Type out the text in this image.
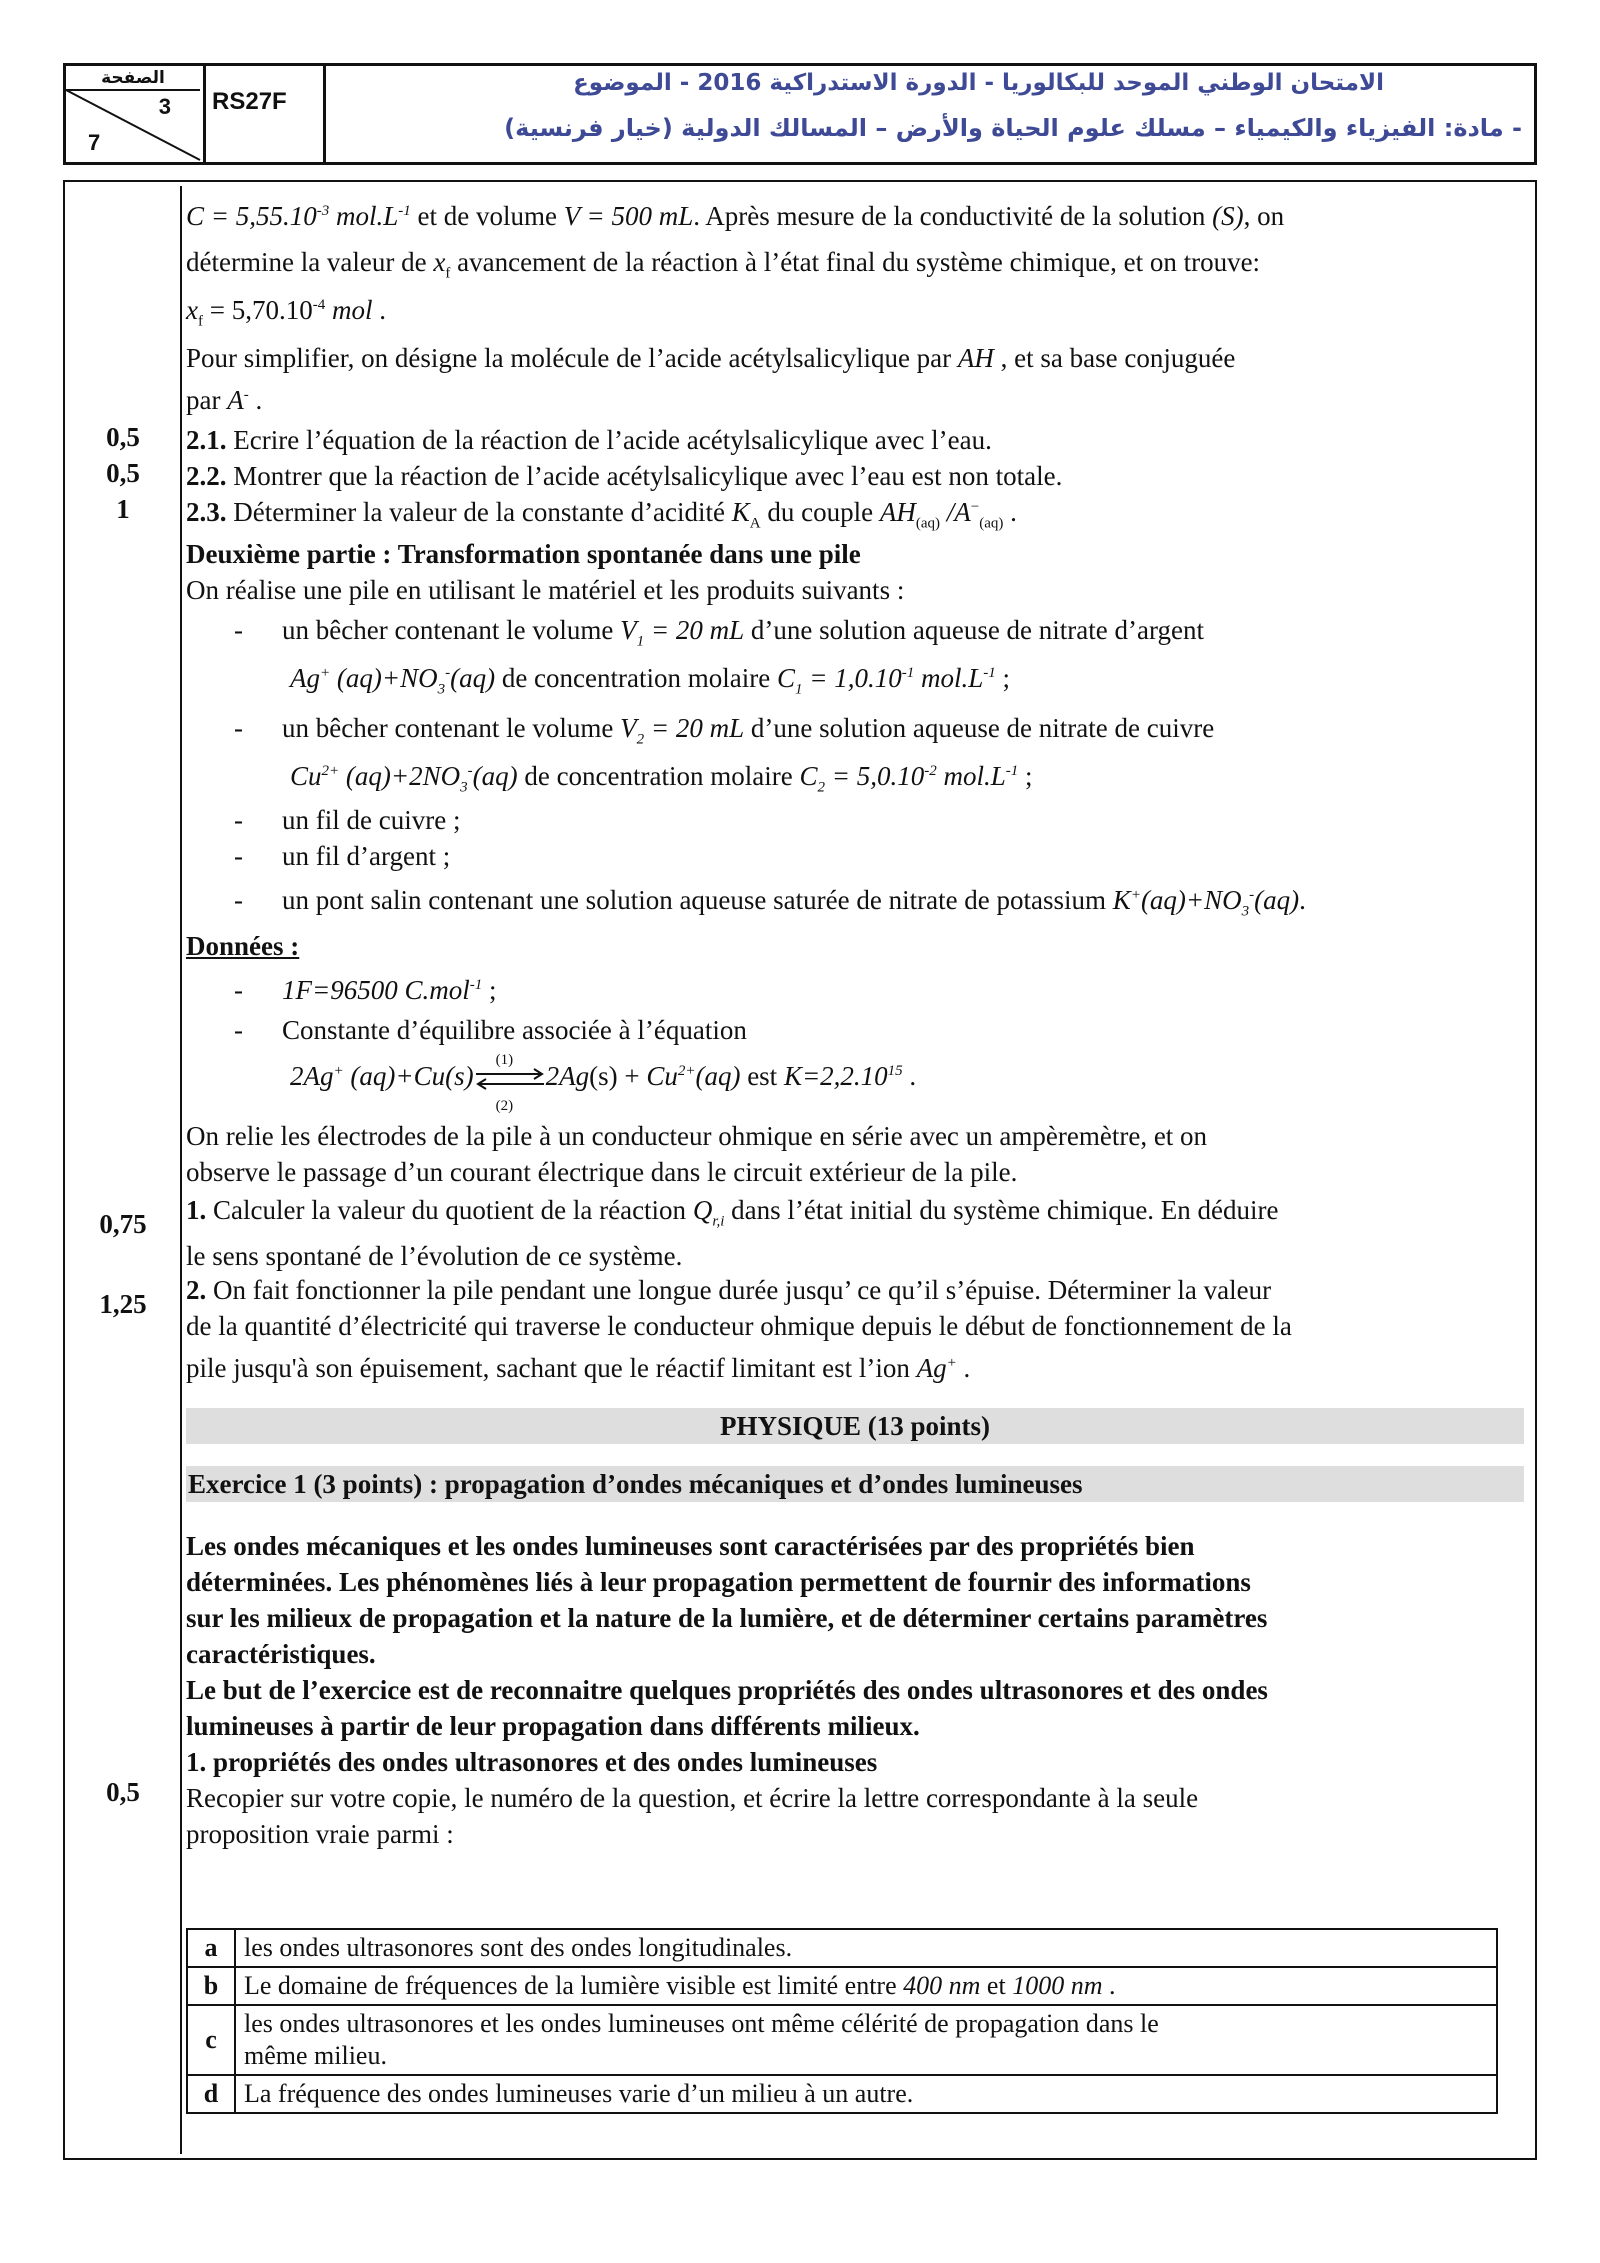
الصفحة
3
7
RS27F
الامتحان الوطني الموحد للبكالوريا - الدورة الاستدراكية 2016 - الموضوع
- مادة: الفيزياء والكيمياء – مسلك علوم الحياة والأرض – المسالك الدولية (خيار فرنسية)
0,5
0,5
1
0,75
1,25
0,5
$C = 5,55.10^{-3}$ $mol.L^{-1}$ et de volume V = 500 mL. Après mesure de la conductivité de la solution (S), on
détermine la valeur de $x_f$ avancement de la réaction à l’état final du système chimique, et on trouve:
$x_f = 5,70.10^{-4}$ mol .
Pour simplifier, on désigne la molécule de l’acide acétylsalicylique par AH , et sa base conjuguée
par A- .
2.1. Ecrire l’équation de la réaction de l’acide acétylsalicylique avec l’eau.
2.2. Montrer que la réaction de l’acide acétylsalicylique avec l’eau est non totale.
2.3. Déterminer la valeur de la constante d’acidité $K_A$ du couple $AH_{(aq)}$ $/A^-_{(aq)}$ .
Deuxième partie : Transformation spontanée dans une pile
On réalise une pile en utilisant le matériel et les produits suivants :
- un bêcher contenant le volume $V_1 = 20$ mL d’une solution aqueuse de nitrate d’argent
Ag+ $(aq)+NO_3^-(aq)$ de concentration molaire $C_1 = 1,0.10^{-1}$ $mol.L^{-1}$ ;
- un bêcher contenant le volume $V_2 = 20$ mL d’une solution aqueuse de nitrate de cuivre
$Cu^{2+}$ $(aq)+2NO_3^-(aq)$ de concentration molaire $C_2 = 5,0.10^{-2}$ $mol.L^{-1}$ ;
- un fil de cuivre ;
- un fil d’argent ;
- un pont salin contenant une solution aqueuse saturée de nitrate de potassium $K^+(aq)+NO_3^-(aq)$.
Données :
- 1F=96500 C.mol$^{-1}$ ;
- Constante d’équilibre associée à l’équation
2Ag+ (aq)+Cu(s)
(1)
(2)
$2Ag(s) + Cu^{2+}(aq)$ est $K=2,2.10^{15}$ .
On relie les électrodes de la pile à un conducteur ohmique en série avec un ampèremètre, et on
observe le passage d’un courant électrique dans le circuit extérieur de la pile.
1. Calculer la valeur du quotient de la réaction $Q_{r,i}$ dans l’état initial du système chimique. En déduire
le sens spontané de l’évolution de ce système.
2. On fait fonctionner la pile pendant une longue durée jusqu’ ce qu’il s’épuise. Déterminer la valeur
de la quantité d’électricité qui traverse le conducteur ohmique depuis le début de fonctionnement de la
pile jusqu'à son épuisement, sachant que le réactif limitant est l’ion Ag+ .
PHYSIQUE (13 points)
Exercice 1 (3 points) : propagation d’ondes mécaniques et d’ondes lumineuses
Les ondes mécaniques et les ondes lumineuses sont caractérisées par des propriétés bien
déterminées. Les phénomènes liés à leur propagation permettent de fournir des informations
sur les milieux de propagation et la nature de la lumière, et de déterminer certains paramètres
caractéristiques.
Le but de l’exercice est de reconnaitre quelques propriétés des ondes ultrasonores et des ondes
lumineuses à partir de leur propagation dans différents milieux.
1. propriétés des ondes ultrasonores et des ondes lumineuses
Recopier sur votre copie, le numéro de la question, et écrire la lettre correspondante à la seule
proposition vraie parmi :
a	les ondes ultrasonores sont des ondes longitudinales.
b	Le domaine de fréquences de la lumière visible est limité entre 400 nm et 1000 nm .
c	les ondes ultrasonores et les ondes lumineuses ont même célérité de propagation dans le
même milieu.
d	La fréquence des ondes lumineuses varie d’un milieu à un autre.
